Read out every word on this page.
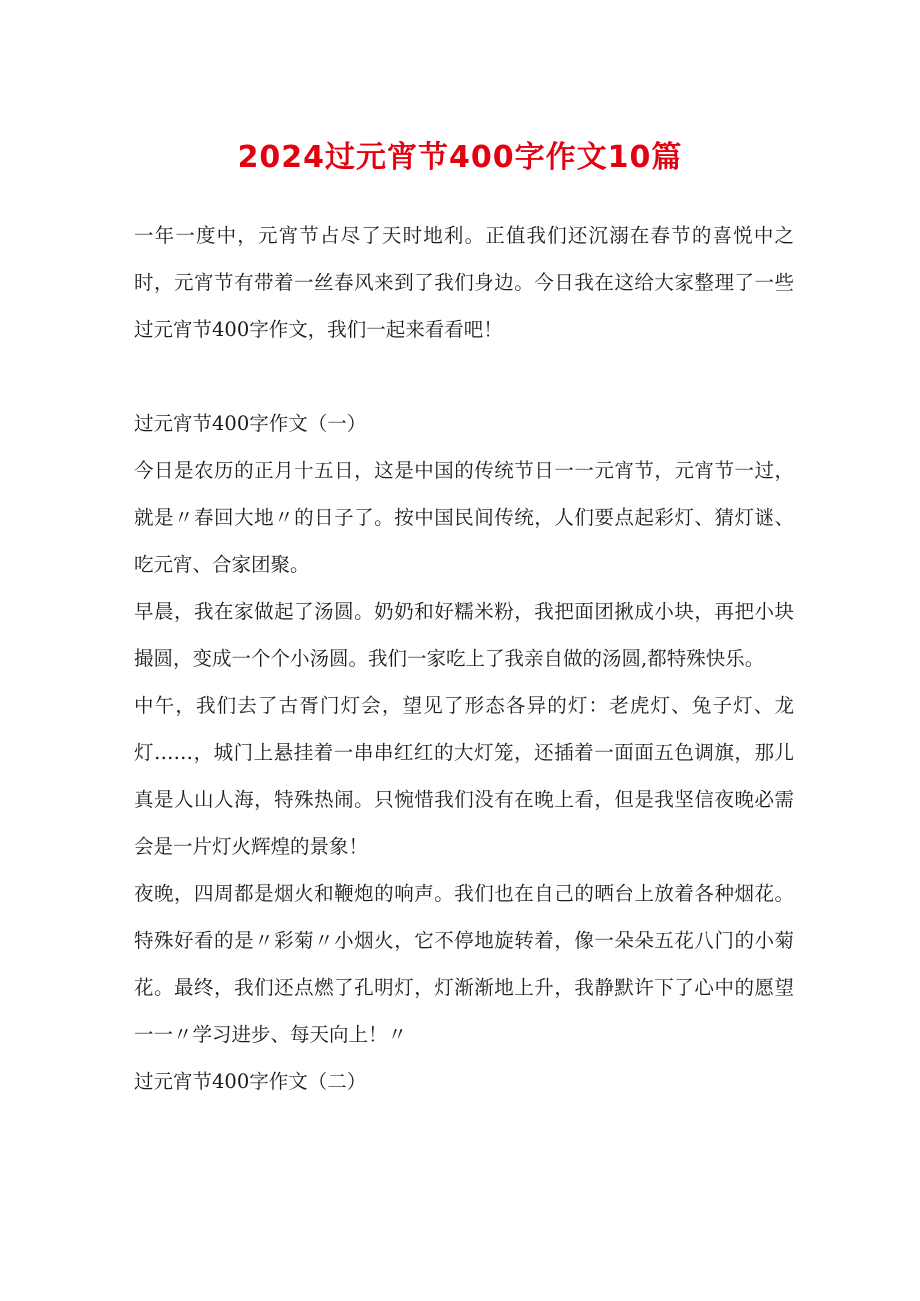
2024过元宵节400字作文10篇

一年一度中，元宵节占尽了天时地利。正值我们还沉溺在春节的喜悦中之时，元宵节有带着一丝春风来到了我们身边。今日我在这给大家整理了一些过元宵节400字作文，我们一起来看看吧！

过元宵节400字作文（一）

今日是农历的正月十五日，这是中国的传统节日一一元宵节，元宵节一过，就是〃春回大地〃的日子了。按中国民间传统，人们要点起彩灯、猜灯谜、吃元宵、合家团聚。

早晨，我在家做起了汤圆。奶奶和好糯米粉，我把面团揪成小块，再把小块撮圆，变成一个个小汤圆。我们一家吃上了我亲自做的汤圆,都特殊快乐。

中午，我们去了古胥门灯会，望见了形态各异的灯：老虎灯、兔子灯、龙灯……，城门上悬挂着一串串红红的大灯笼，还插着一面面五色调旗，那儿真是人山人海，特殊热闹。只惋惜我们没有在晚上看，但是我坚信夜晚必需会是一片灯火辉煌的景象！

夜晚，四周都是烟火和鞭炮的响声。我们也在自己的晒台上放着各种烟花。特殊好看的是〃彩菊〃小烟火，它不停地旋转着，像一朵朵五花八门的小菊花。最终，我们还点燃了孔明灯，灯渐渐地上升，我静默许下了心中的愿望一一〃学习进步、每天向上！〃

过元宵节400字作文（二）
